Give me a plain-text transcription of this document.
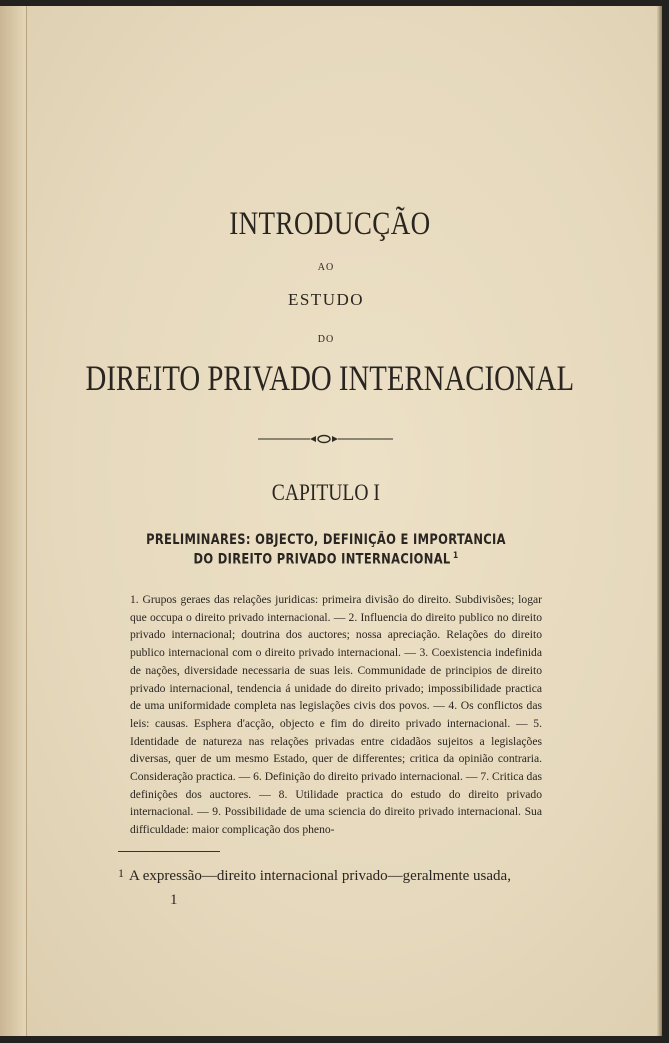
INTRODUCÇÃO
AO
ESTUDO
DO
DIREITO PRIVADO INTERNACIONAL
CAPITULO I
PRELIMINARES: OBJECTO, DEFINIÇÃO E IMPORTANCIA
DO DIREITO PRIVADO INTERNACIONAL $^1$
1. Grupos geraes das relações juridicas: primeira divisão do direito. Subdivisões; logar que occupa o direito privado internacional. — 2. Influencia do direito publico no direito privado internacional; doutrina dos auctores; nossa apreciação. Relações do direito publico internacional com o direito privado internacional. — 3. Coexistencia indefinida de nações, diversidade necessaria de suas leis. Communidade de principios de direito privado internacional, tendencia á unidade do direito privado; impossibilidade practica de uma uniformidade completa nas legislações civis dos povos. — 4. Os conflictos das leis: causas. Esphera d'acção, objecto e fim do direito privado internacional. — 5. Identidade de natureza nas relações privadas entre cidadãos sujeitos a legislações diversas, quer de um mesmo Estado, quer de differentes; critica da opinião contraria. Consideração practica. — 6. Definição do direito privado internacional. — 7. Critica das definições dos auctores. — 8. Utilidade practica do estudo do direito privado internacional. — 9. Possibilidade de uma sciencia do direito privado internacional. Sua difficuldade: maior complicação dos pheno-
$^1$ A expressão—direito internacional privado—geralmente usada,
1
